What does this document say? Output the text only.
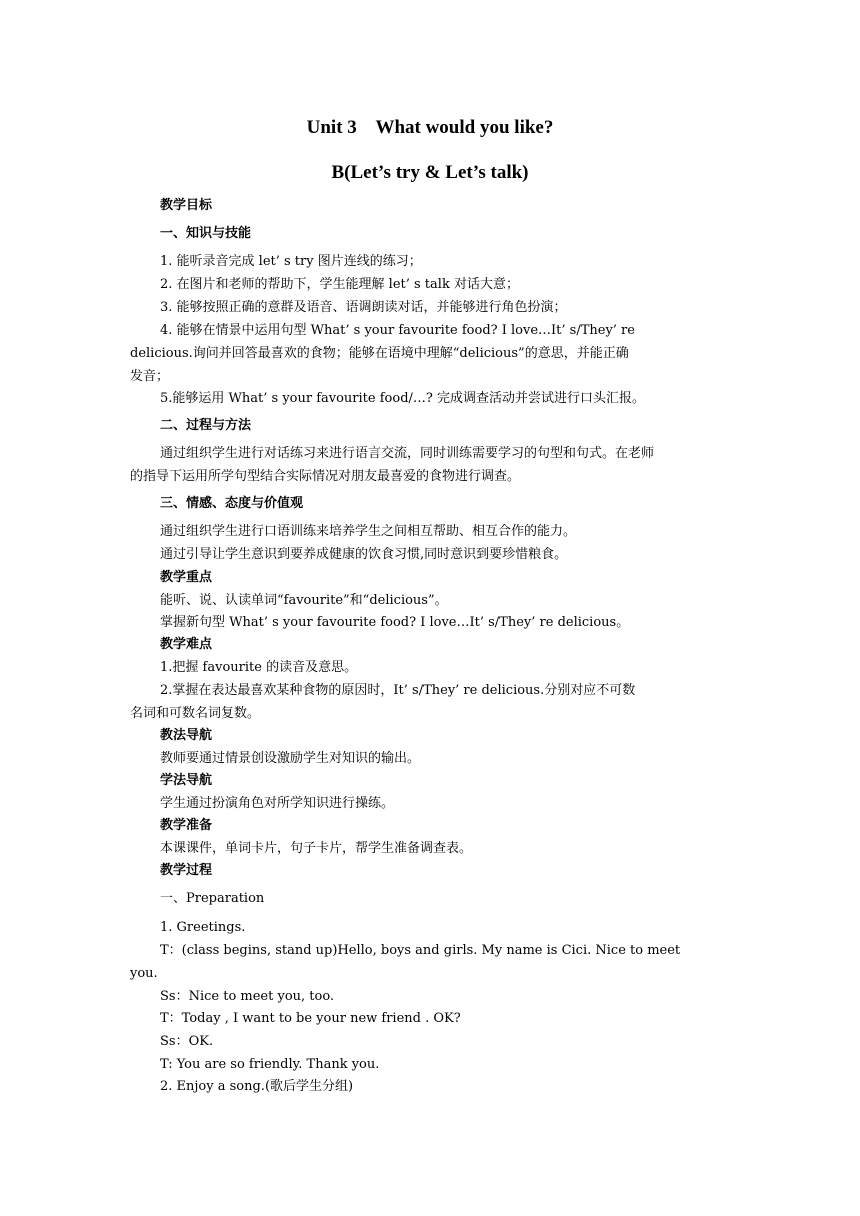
Unit 3    What would you like?
B(Let’s try & Let’s talk)
教学目标
一、知识与技能
1. 能听录音完成 let’ s try 图片连线的练习；
2. 在图片和老师的帮助下，学生能理解 let’ s talk 对话大意；
3. 能够按照正确的意群及语音、语调朗读对话，并能够进行角色扮演；
4. 能够在情景中运用句型 What’ s your favourite food? I love…It’ s/They’ re
delicious.询问并回答最喜欢的食物；能够在语境中理解“delicious”的意思，并能正确
发音；
5.能够运用 What’ s your favourite food/…? 完成调查活动并尝试进行口头汇报。
二、过程与方法
通过组织学生进行对话练习来进行语言交流，同时训练需要学习的句型和句式。在老师
的指导下运用所学句型结合实际情况对朋友最喜爱的食物进行调查。
三、情感、态度与价值观
通过组织学生进行口语训练来培养学生之间相互帮助、相互合作的能力。
通过引导让学生意识到要养成健康的饮食习惯,同时意识到要珍惜粮食。
教学重点
能听、说、认读单词“favourite”和“delicious”。
掌握新句型 What’ s your favourite food? I love…It’ s/They’ re delicious。
教学难点
1.把握 favourite 的读音及意思。
2.掌握在表达最喜欢某种食物的原因时，It’ s/They’ re delicious.分别对应不可数
名词和可数名词复数。
教法导航
教师要通过情景创设激励学生对知识的输出。
学法导航
学生通过扮演角色对所学知识进行操练。
教学准备
本课课件，单词卡片，句子卡片，帮学生准备调查表。
教学过程
一、Preparation
1. Greetings.
T：(class begins, stand up)Hello, boys and girls. My name is Cici. Nice to meet
you.
Ss：Nice to meet you, too.
T：Today , I want to be your new friend . OK?
Ss：OK.
T: You are so friendly. Thank you.
2. Enjoy a song.(歌后学生分组)
